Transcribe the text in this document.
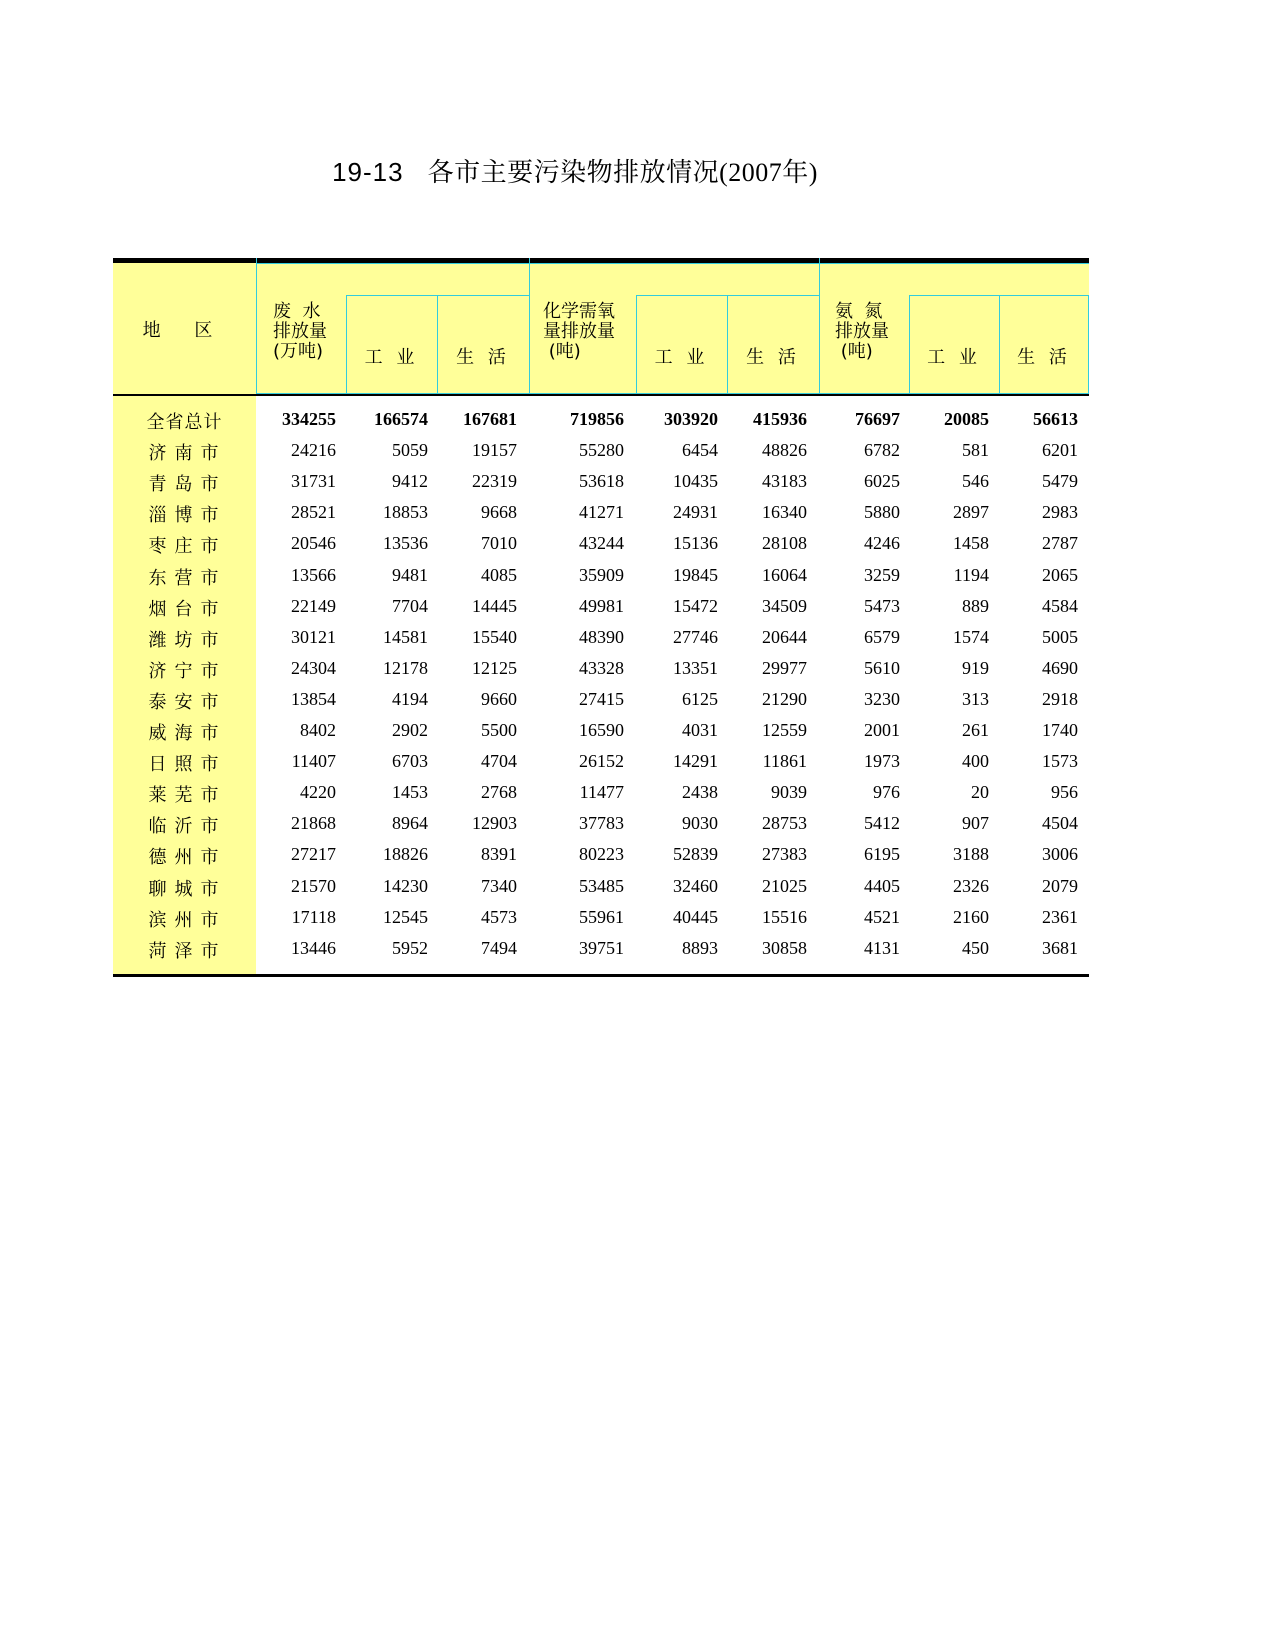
19-13 各市主要污染物排放情况(2007年)
地 区
废  水
排放量
(万吨)	工 业	生 活
化学需氧
量排放量
(吨)	工 业	生 活
氨  氮
排放量
(吨)	工 业	生 活
全省总计	334255 166574 167681	719856 303920 415936	76697 20085 56613
济南市	24216	5059 19157	55280	6454 48826	6782	581	6201
青岛市	31731	9412 22319	53618	10435 43183	6025	546	5479
淄博市	28521	18853	9668	41271	24931 16340	5880	2897	2983
枣庄市	20546	13536	7010	43244	15136 28108	4246	1458	2787
东营市	13566	9481	4085	35909	19845 16064	3259	1194	2065
烟台市	22149	7704 14445	49981	15472 34509	5473	889	4584
潍坊市	30121	14581 15540	48390	27746 20644	6579	1574	5005
济宁市	24304	12178 12125	43328	13351 29977	5610	919	4690
泰安市	13854	4194	9660	27415	6125 21290	3230	313	2918
威海市	8402	2902	5500	16590	4031 12559	2001	261	1740
日照市	11407	6703	4704	26152	14291 11861	1973	400	1573
莱芜市	4220	1453	2768	11477	2438	9039	976	20	956
临沂市	21868	8964 12903	37783	9030 28753	5412	907	4504
德州市	27217	18826	8391	80223	52839 27383	6195	3188	3006
聊城市	21570	14230	7340	53485	32460 21025	4405	2326	2079
滨州市	17118	12545	4573	55961	40445 15516	4521	2160	2361
菏泽市	13446	5952	7494	39751	8893 30858	4131	450	3681
